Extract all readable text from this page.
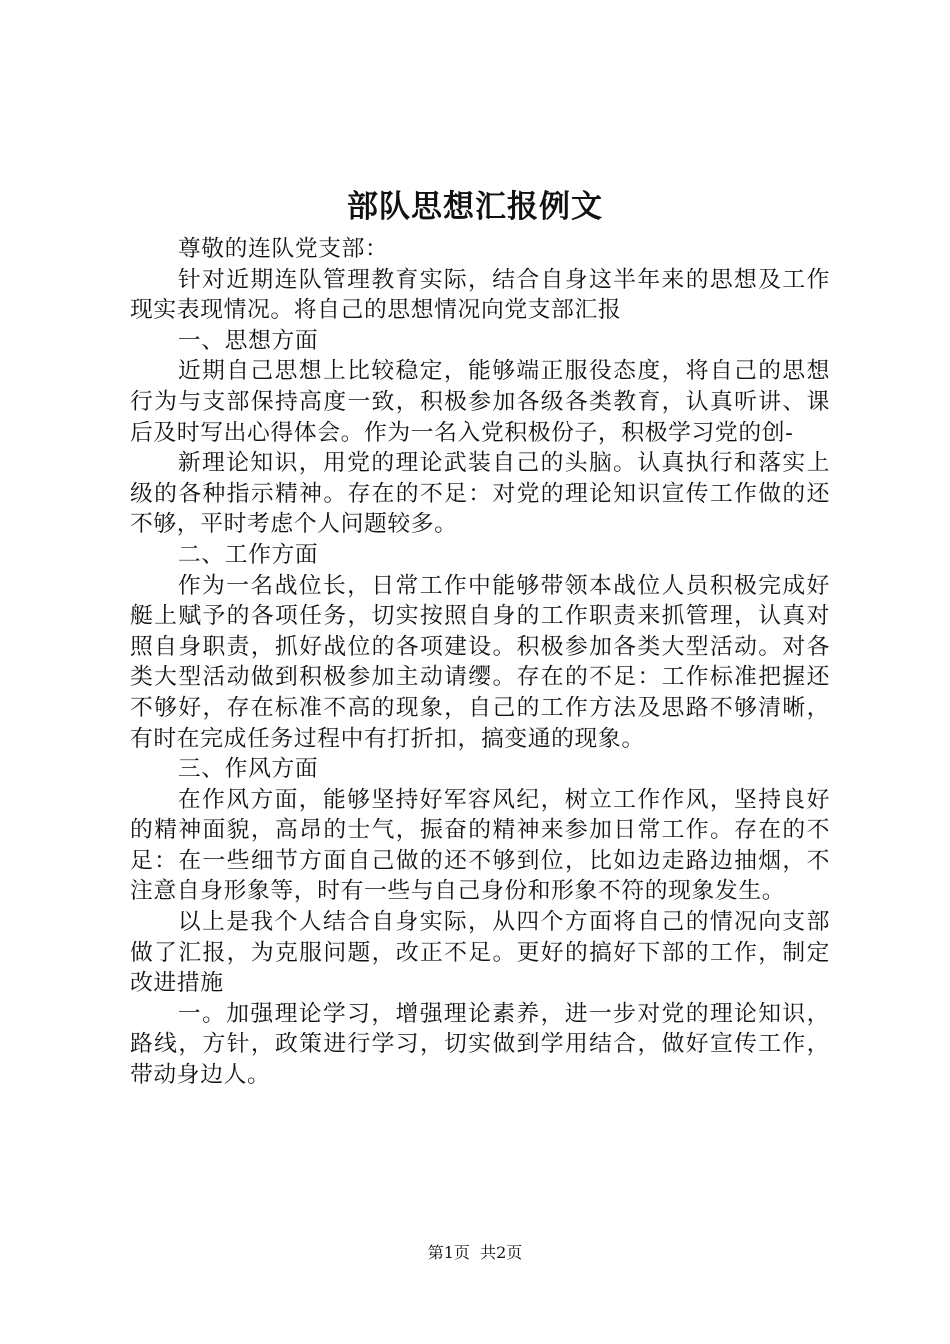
部队思想汇报例文

尊敬的连队党支部：

针对近期连队管理教育实际，结合自身这半年来的思想及工作现实表现情况。将自己的思想情况向党支部汇报

一、思想方面

近期自己思想上比较稳定，能够端正服役态度，将自己的思想行为与支部保持高度一致，积极参加各级各类教育，认真听讲、课后及时写出心得体会。作为一名入党积极份子，积极学习党的创-

新理论知识，用党的理论武装自己的头脑。认真执行和落实上级的各种指示精神。存在的不足：对党的理论知识宣传工作做的还不够，平时考虑个人问题较多。

二、工作方面

作为一名战位长，日常工作中能够带领本战位人员积极完成好艇上赋予的各项任务，切实按照自身的工作职责来抓管理，认真对照自身职责，抓好战位的各项建设。积极参加各类大型活动。对各类大型活动做到积极参加主动请缨。存在的不足：工作标准把握还不够好，存在标准不高的现象，自己的工作方法及思路不够清晰，有时在完成任务过程中有打折扣，搞变通的现象。

三、作风方面

在作风方面，能够坚持好军容风纪，树立工作作风，坚持良好的精神面貌，高昂的士气，振奋的精神来参加日常工作。存在的不足：在一些细节方面自己做的还不够到位，比如边走路边抽烟，不注意自身形象等，时有一些与自己身份和形象不符的现象发生。

以上是我个人结合自身实际，从四个方面将自己的情况向支部做了汇报，为克服问题，改正不足。更好的搞好下部的工作，制定改进措施

一。加强理论学习，增强理论素养，进一步对党的理论知识，路线，方针，政策进行学习，切实做到学用结合，做好宣传工作，带动身边人。

第1页  共2页
